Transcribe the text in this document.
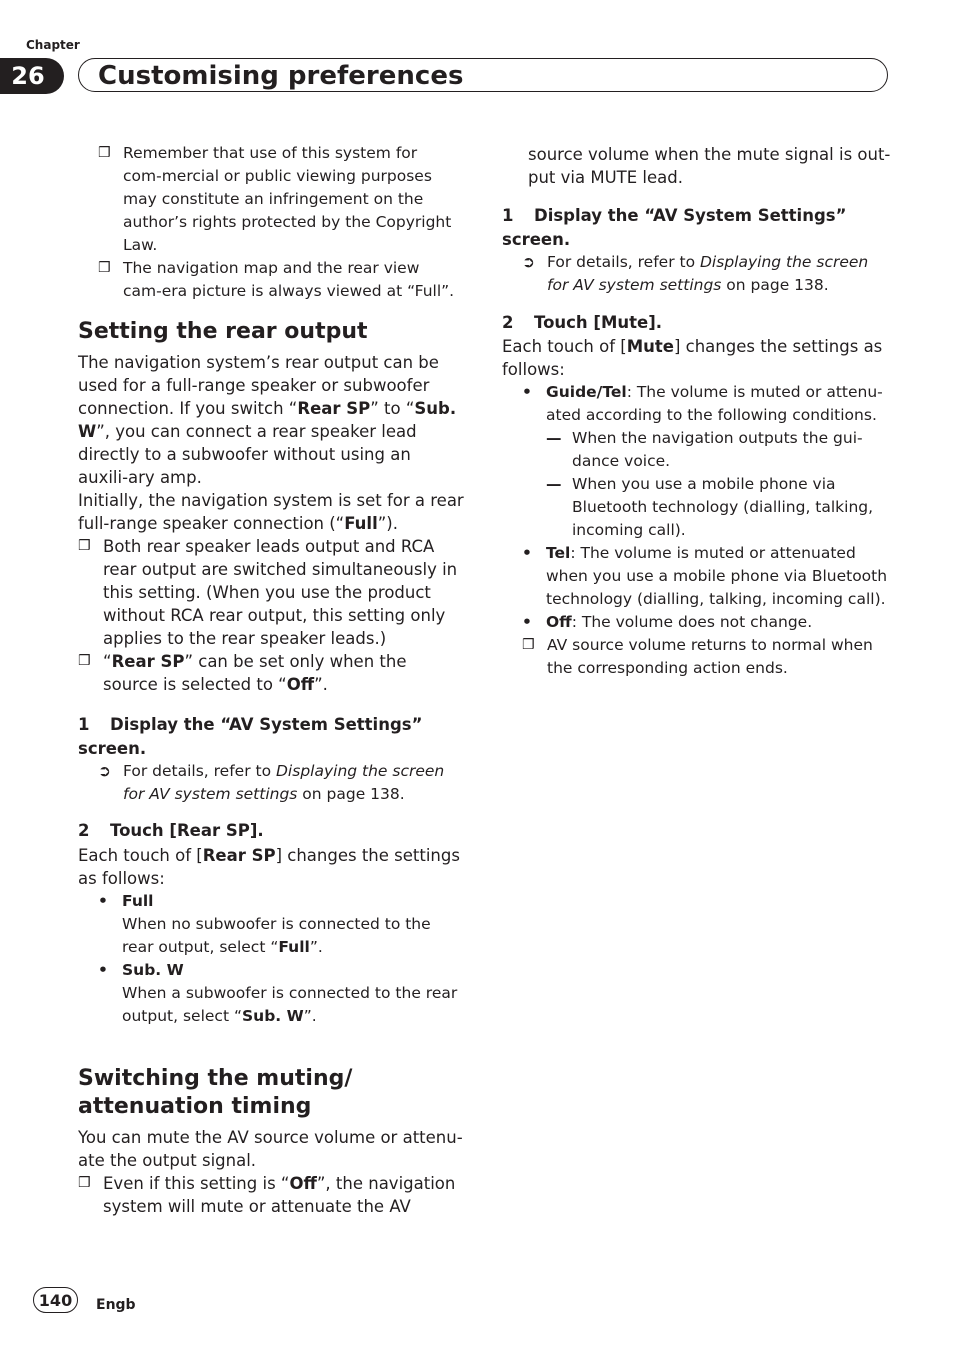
Chapter
26	Customising preferences
❒ Remember that use of this system for com-mercial or public viewing purposes may constitute an infringement on the author’s rights protected by the Copyright Law.
❒ The navigation map and the rear view cam-era picture is always viewed at “Full”.
Setting the rear output

The navigation system’s rear output can be used for a full-range speaker or subwoofer connection. If you switch “Rear SP” to “Sub. W”, you can connect a rear speaker lead directly to a subwoofer without using an auxili-ary amp.

Initially, the navigation system is set for a rear full-range speaker connection (“Full”).

❒ Both rear speaker leads output and RCA rear output are switched simultaneously in this setting. (When you use the product without RCA rear output, this setting only applies to the rear speaker leads.)
❒ “Rear SP” can be set only when the source is selected to “Off”.
1 Display the “AV System Settings” screen.
➲ For details, refer to Displaying the screen for AV system settings on page 138.
2 Touch [Rear SP].
Each touch of [Rear SP] changes the settings as follows:
• Full
When no subwoofer is connected to the rear output, select “Full”.
• Sub. W
When a subwoofer is connected to the rear output, select “Sub. W”.
Switching the muting/ attenuation timing

You can mute the AV source volume or attenu-ate the output signal.

❒ Even if this setting is “Off”, the navigation system will mute or attenuate the AV
source volume when the mute signal is out-put via MUTE lead.
1 Display the “AV System Settings” screen.
➲ For details, refer to Displaying the screen for AV system settings on page 138.
2 Touch [Mute].
Each touch of [Mute] changes the settings as follows:
• Guide/Tel: The volume is muted or attenu-ated according to the following conditions.
— When the navigation outputs the gui-dance voice.
— When you use a mobile phone via Bluetooth technology (dialling, talking, incoming call).
• Tel: The volume is muted or attenuated when you use a mobile phone via Bluetooth technology (dialling, talking, incoming call).
• Off: The volume does not change.
❒ AV source volume returns to normal when the corresponding action ends.
140	Engb
